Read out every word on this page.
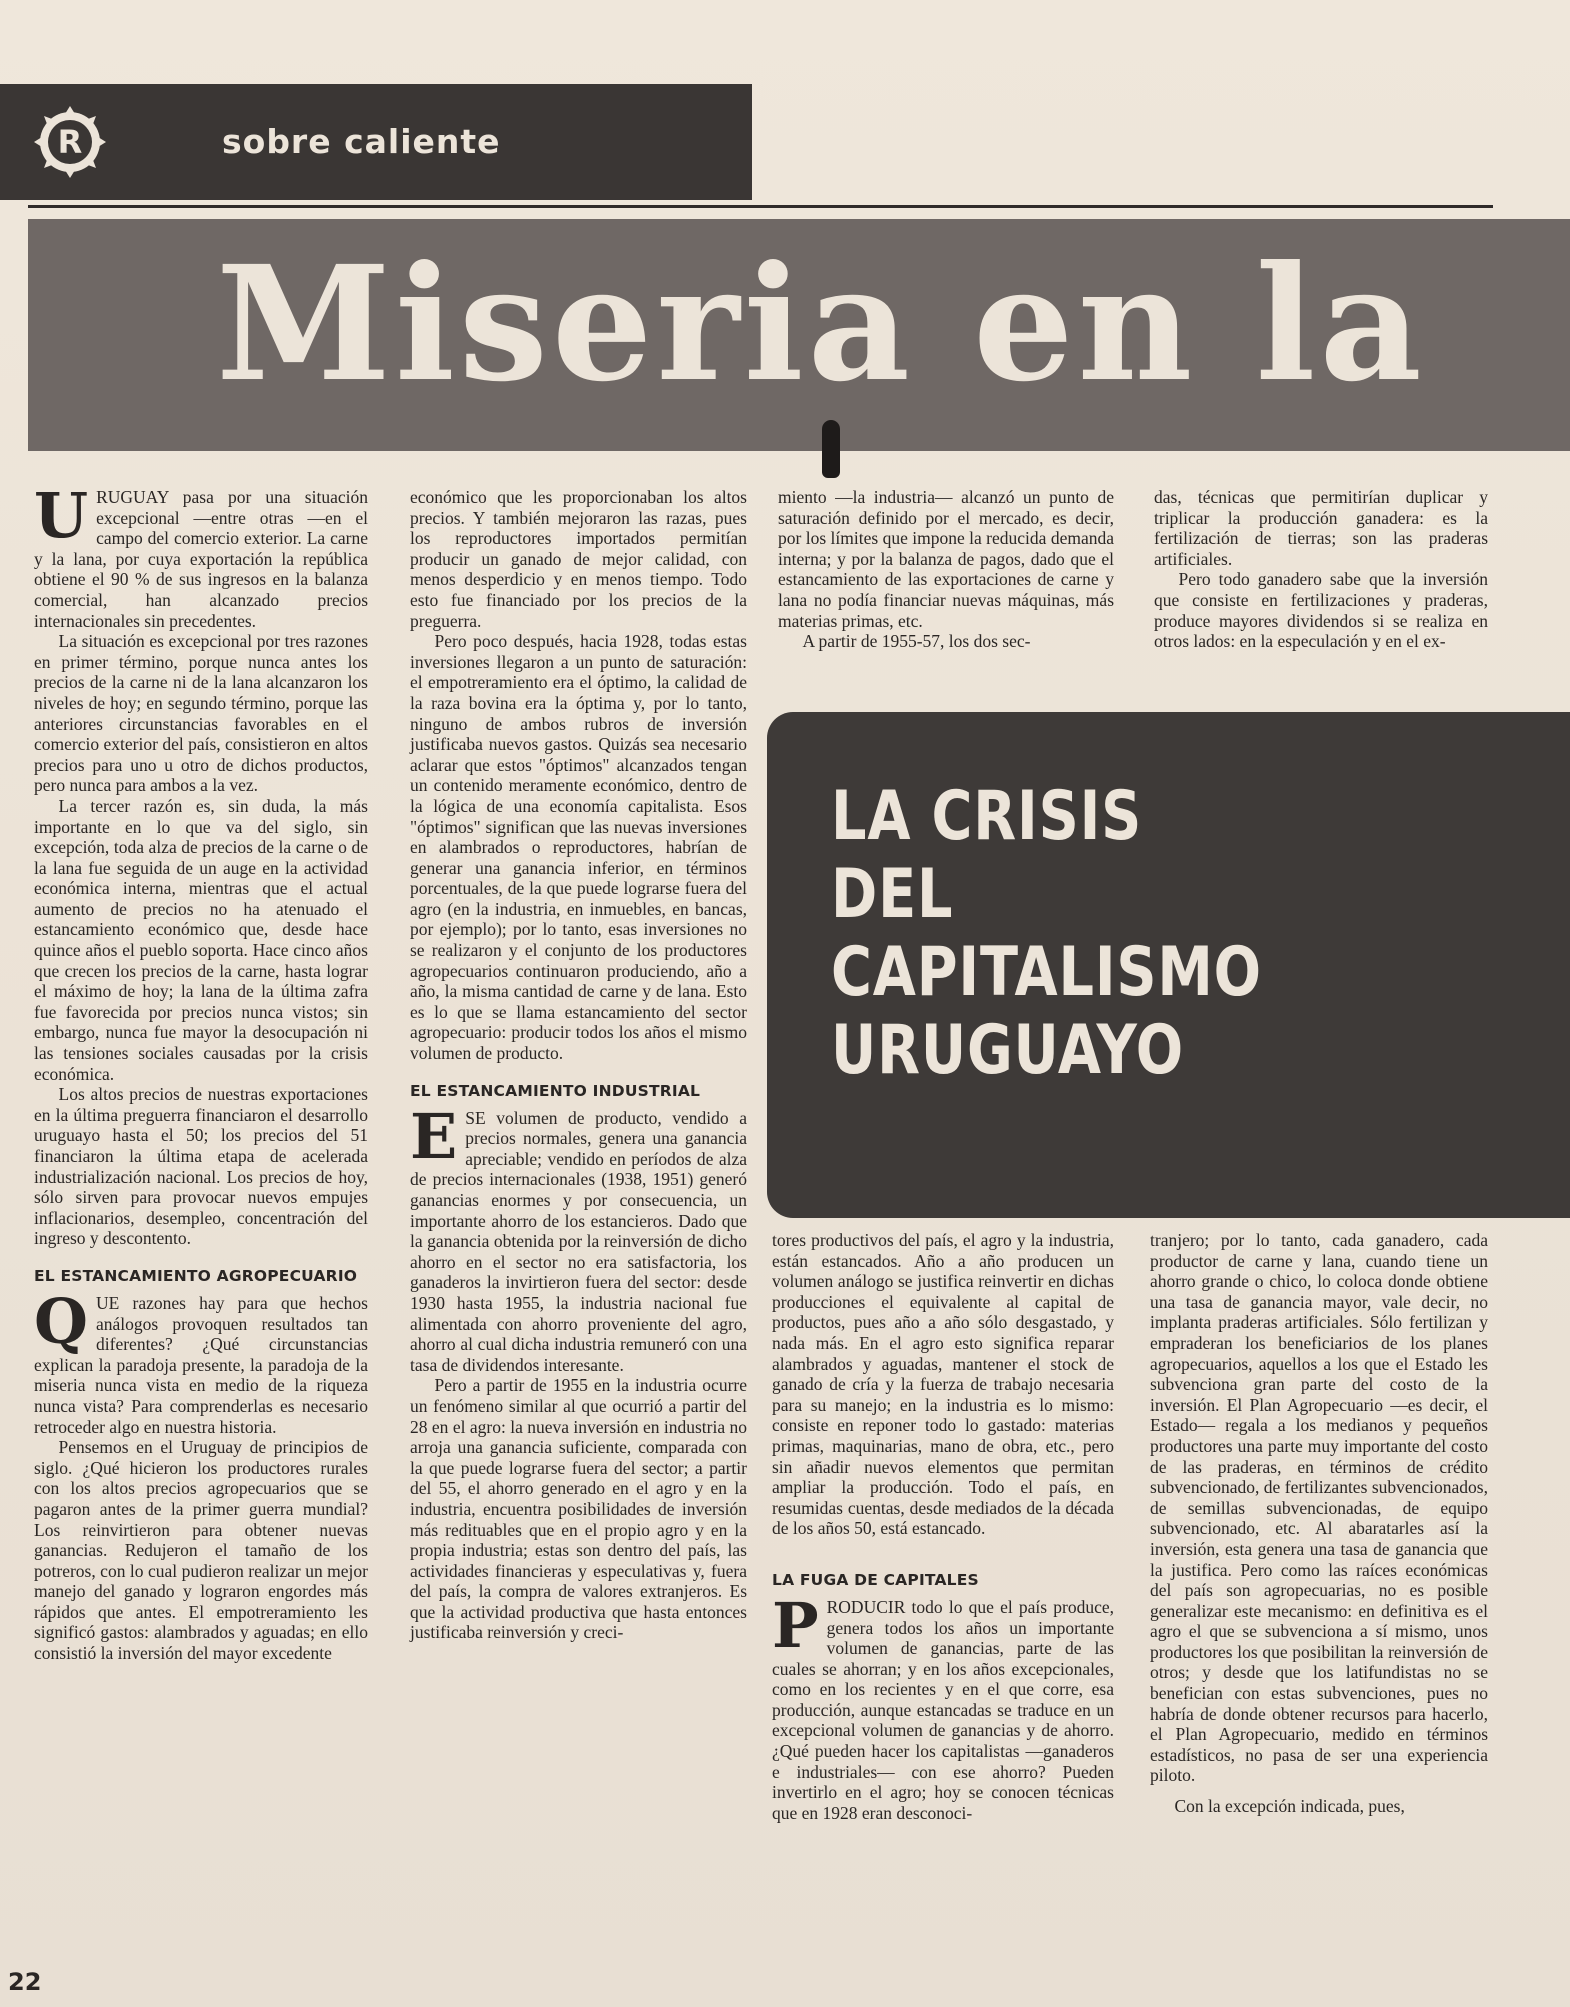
R	sobre caliente
Miseria en la

URUGUAY pasa por una situación excepcional —entre otras —en el campo del comercio exterior. La carne y la lana, por cuya exportación la república obtiene el 90 % de sus ingresos en la balanza comercial, han alcanzado precios internacionales sin precedentes.

La situación es excepcional por tres razones en primer término, porque nunca antes los precios de la carne ni de la lana alcanzaron los niveles de hoy; en segundo término, porque las anteriores circunstancias favorables en el comercio exterior del país, consistieron en altos precios para uno u otro de dichos productos, pero nunca para ambos a la vez.

La tercer razón es, sin duda, la más importante en lo que va del siglo, sin excepción, toda alza de precios de la carne o de la lana fue seguida de un auge en la actividad económica interna, mientras que el actual aumento de precios no ha atenuado el estancamiento económico que, desde hace quince años el pueblo soporta. Hace cinco años que crecen los precios de la carne, hasta lograr el máximo de hoy; la lana de la última zafra fue favorecida por precios nunca vistos; sin embargo, nunca fue mayor la desocupación ni las tensiones sociales causadas por la crisis económica.

Los altos precios de nuestras exportaciones en la última preguerra financiaron el desarrollo uruguayo hasta el 50; los precios del 51 financiaron la última etapa de acelerada industrialización nacional. Los precios de hoy, sólo sirven para provocar nuevos empujes inflacionarios, desempleo, concentración del ingreso y descontento.

EL ESTANCAMIENTO AGROPECUARIO

QUE razones hay para que hechos análogos provoquen resultados tan diferentes? ¿Qué circunstancias explican la paradoja presente, la paradoja de la miseria nunca vista en medio de la riqueza nunca vista? Para comprenderlas es necesario retroceder algo en nuestra historia.

Pensemos en el Uruguay de principios de siglo. ¿Qué hicieron los productores rurales con los altos precios agropecuarios que se pagaron antes de la primer guerra mundial? Los reinvirtieron para obtener nuevas ganancias. Redujeron el tamaño de los potreros, con lo cual pudieron realizar un mejor manejo del ganado y lograron engordes más rápidos que antes. El empotreramiento les significó gastos: alambrados y aguadas; en ello consistió la inversión del mayor excedente

económico que les proporcionaban los altos precios. Y también mejoraron las razas, pues los reproductores importados permitían producir un ganado de mejor calidad, con menos desperdicio y en menos tiempo. Todo esto fue financiado por los precios de la preguerra.

Pero poco después, hacia 1928, todas estas inversiones llegaron a un punto de saturación: el empotreramiento era el óptimo, la calidad de la raza bovina era la óptima y, por lo tanto, ninguno de ambos rubros de inversión justificaba nuevos gastos. Quizás sea necesario aclarar que estos "óptimos" alcanzados tengan un contenido meramente económico, dentro de la lógica de una economía capitalista. Esos "óptimos" significan que las nuevas inversiones en alambrados o reproductores, habrían de generar una ganancia inferior, en términos porcentuales, de la que puede lograrse fuera del agro (en la industria, en inmuebles, en bancas, por ejemplo); por lo tanto, esas inversiones no se realizaron y el conjunto de los productores agropecuarios continuaron produciendo, año a año, la misma cantidad de carne y de lana. Esto es lo que se llama estancamiento del sector agropecuario: producir todos los años el mismo volumen de producto.

EL ESTANCAMIENTO INDUSTRIAL

ESE volumen de producto, vendido a precios normales, genera una ganancia apreciable; vendido en períodos de alza de precios internacionales (1938, 1951) generó ganancias enormes y por consecuencia, un importante ahorro de los estancieros. Dado que la ganancia obtenida por la reinversión de dicho ahorro en el sector no era satisfactoria, los ganaderos la invirtieron fuera del sector: desde 1930 hasta 1955, la industria nacional fue alimentada con ahorro proveniente del agro, ahorro al cual dicha industria remuneró con una tasa de dividendos interesante.

Pero a partir de 1955 en la industria ocurre un fenómeno similar al que ocurrió a partir del 28 en el agro: la nueva inversión en industria no arroja una ganancia suficiente, comparada con la que puede lograrse fuera del sector; a partir del 55, el ahorro generado en el agro y en la industria, encuentra posibilidades de inversión más redituables que en el propio agro y en la propia industria; estas son dentro del país, las actividades financieras y especulativas y, fuera del país, la compra de valores extranjeros. Es que la actividad productiva que hasta entonces justificaba reinversión y creci-

miento —la industria— alcanzó un punto de saturación definido por el mercado, es decir, por los límites que impone la reducida demanda interna; y por la balanza de pagos, dado que el estancamiento de las exportaciones de carne y lana no podía financiar nuevas máquinas, más materias primas, etc.

A partir de 1955-57, los dos sec-

das, técnicas que permitirían duplicar y triplicar la producción ganadera: es la fertilización de tierras; son las praderas artificiales.

Pero todo ganadero sabe que la inversión que consiste en fertilizaciones y praderas, produce mayores dividendos si se realiza en otros lados: en la especulación y en el ex-

LA CRISIS
DEL
CAPITALISMO
URUGUAYO

tores productivos del país, el agro y la industria, están estancados. Año a año producen un volumen análogo se justifica reinvertir en dichas producciones el equivalente al capital de productos, pues año a año sólo desgastado, y nada más. En el agro esto significa reparar alambrados y aguadas, mantener el stock de ganado de cría y la fuerza de trabajo necesaria para su manejo; en la industria es lo mismo: consiste en reponer todo lo gastado: materias primas, maquinarias, mano de obra, etc., pero sin añadir nuevos elementos que permitan ampliar la producción. Todo el país, en resumidas cuentas, desde mediados de la década de los años 50, está estancado.

LA FUGA DE CAPITALES

PRODUCIR todo lo que el país produce, genera todos los años un importante volumen de ganancias, parte de las cuales se ahorran; y en los años excepcionales, como en los recientes y en el que corre, esa producción, aunque estancadas se traduce en un excepcional volumen de ganancias y de ahorro. ¿Qué pueden hacer los capitalistas —ganaderos e industriales— con ese ahorro? Pueden invertirlo en el agro; hoy se conocen técnicas que en 1928 eran desconoci-

tranjero; por lo tanto, cada ganadero, cada productor de carne y lana, cuando tiene un ahorro grande o chico, lo coloca donde obtiene una tasa de ganancia mayor, vale decir, no implanta praderas artificiales. Sólo fertilizan y empraderan los beneficiarios de los planes agropecuarios, aquellos a los que el Estado les subvenciona gran parte del costo de la inversión. El Plan Agropecuario —es decir, el Estado— regala a los medianos y pequeños productores una parte muy importante del costo de las praderas, en términos de crédito subvencionado, de fertilizantes subvencionados, de semillas subvencionadas, de equipo subvencionado, etc. Al abaratarles así la inversión, esta genera una tasa de ganancia que la justifica. Pero como las raíces económicas del país son agropecuarias, no es posible generalizar este mecanismo: en definitiva es el agro el que se subvenciona a sí mismo, unos productores los que posibilitan la reinversión de otros; y desde que los latifundistas no se benefician con estas subvenciones, pues no habría de donde obtener recursos para hacerlo, el Plan Agropecuario, medido en términos estadísticos, no pasa de ser una experiencia piloto.

Con la excepción indicada, pues,

22
